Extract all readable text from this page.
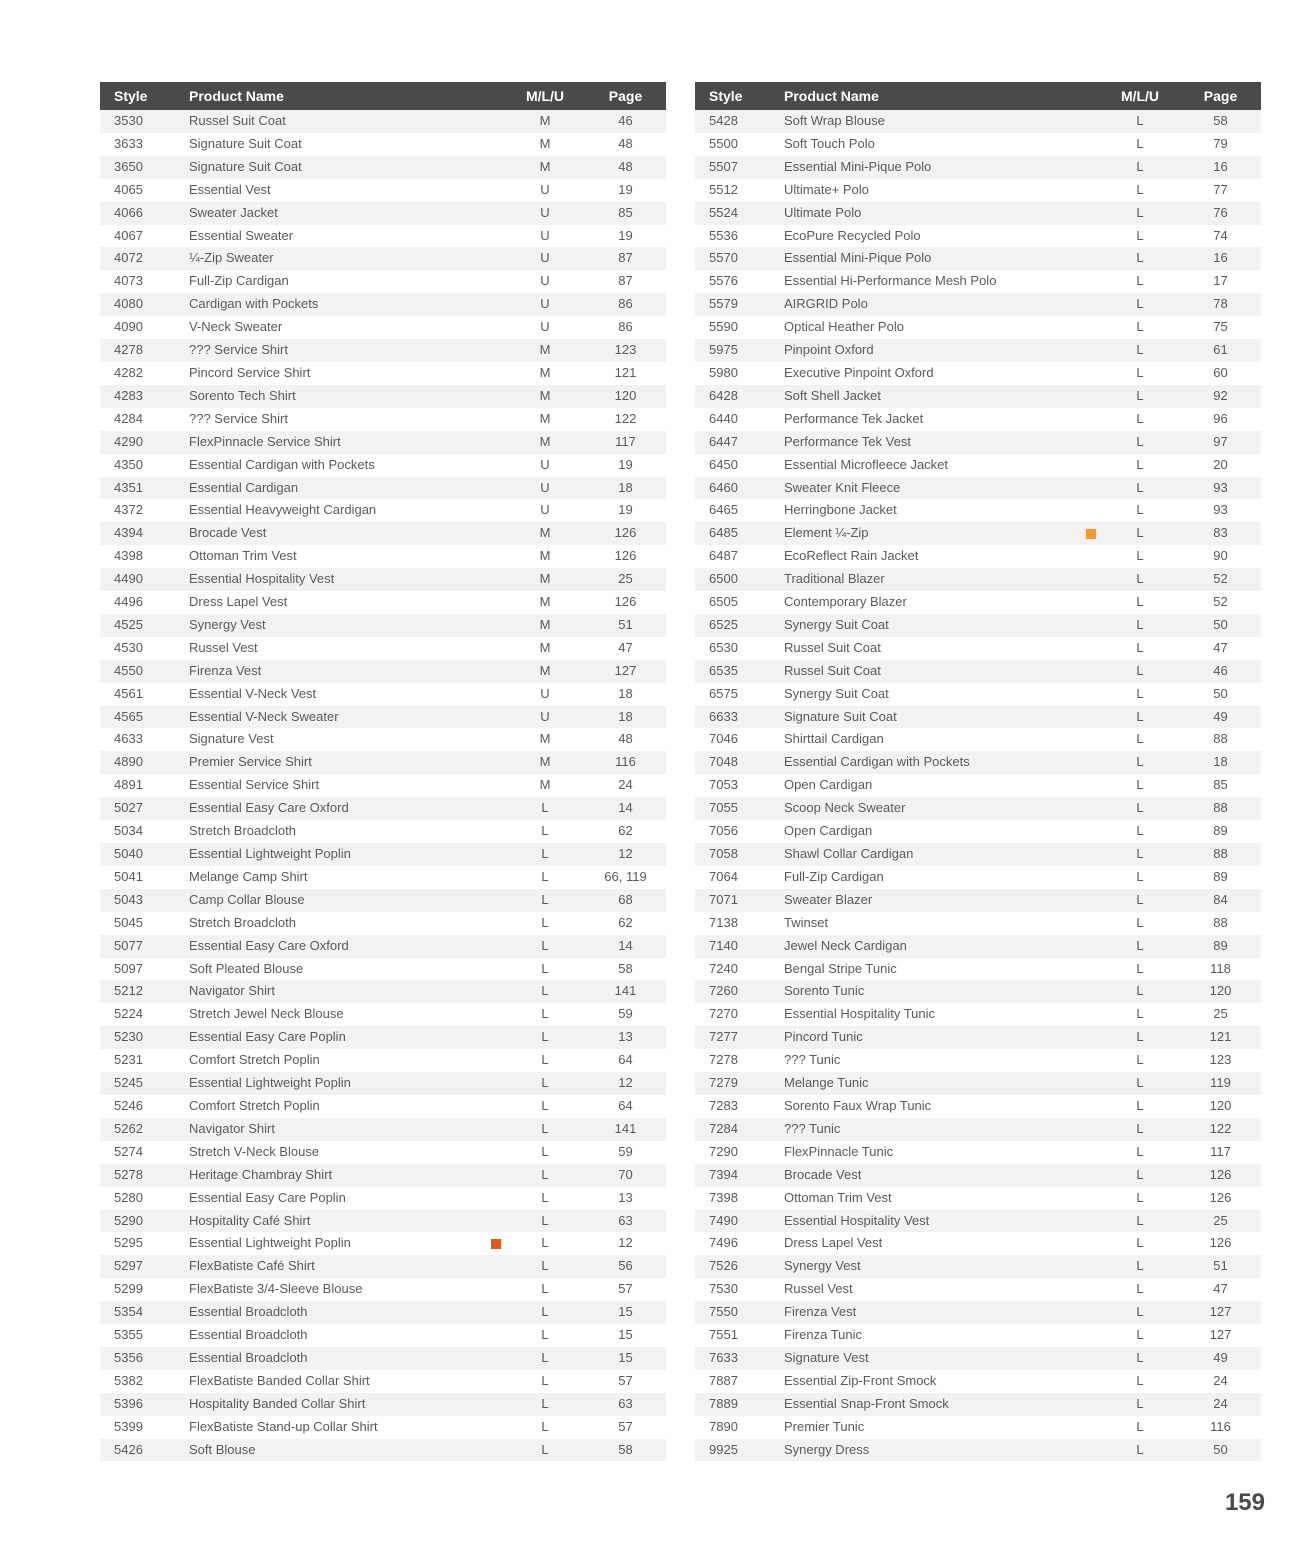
Style	Product Name		M/L/U	Page
3530	Russel Suit Coat		M	46
3633	Signature Suit Coat		M	48
3650	Signature Suit Coat		M	48
4065	Essential Vest		U	19
4066	Sweater Jacket		U	85
4067	Essential Sweater		U	19
4072	¼-Zip Sweater		U	87
4073	Full-Zip Cardigan		U	87
4080	Cardigan with Pockets		U	86
4090	V-Neck Sweater		U	86
4278	??? Service Shirt		M	123
4282	Pincord Service Shirt		M	121
4283	Sorento Tech Shirt		M	120
4284	??? Service Shirt		M	122
4290	FlexPinnacle Service Shirt		M	117
4350	Essential Cardigan with Pockets		U	19
4351	Essential Cardigan		U	18
4372	Essential Heavyweight Cardigan		U	19
4394	Brocade Vest		M	126
4398	Ottoman Trim Vest		M	126
4490	Essential Hospitality Vest		M	25
4496	Dress Lapel Vest		M	126
4525	Synergy Vest		M	51
4530	Russel Vest		M	47
4550	Firenza Vest		M	127
4561	Essential V-Neck Vest		U	18
4565	Essential V-Neck Sweater		U	18
4633	Signature Vest		M	48
4890	Premier Service Shirt		M	116
4891	Essential Service Shirt		M	24
5027	Essential Easy Care Oxford		L	14
5034	Stretch Broadcloth		L	62
5040	Essential Lightweight Poplin		L	12
5041	Melange Camp Shirt		L	66, 119
5043	Camp Collar Blouse		L	68
5045	Stretch Broadcloth		L	62
5077	Essential Easy Care Oxford		L	14
5097	Soft Pleated Blouse		L	58
5212	Navigator Shirt		L	141
5224	Stretch Jewel Neck Blouse		L	59
5230	Essential Easy Care Poplin		L	13
5231	Comfort Stretch Poplin		L	64
5245	Essential Lightweight Poplin		L	12
5246	Comfort Stretch Poplin		L	64
5262	Navigator Shirt		L	141
5274	Stretch V-Neck Blouse		L	59
5278	Heritage Chambray Shirt		L	70
5280	Essential Easy Care Poplin		L	13
5290	Hospitality Café Shirt		L	63
5295	Essential Lightweight Poplin		L	12
5297	FlexBatiste Café Shirt		L	56
5299	FlexBatiste 3/4-Sleeve Blouse		L	57
5354	Essential Broadcloth		L	15
5355	Essential Broadcloth		L	15
5356	Essential Broadcloth		L	15
5382	FlexBatiste Banded Collar Shirt		L	57
5396	Hospitality Banded Collar Shirt		L	63
5399	FlexBatiste Stand-up Collar Shirt		L	57
5426	Soft Blouse		L	58
Style	Product Name		M/L/U	Page
5428	Soft Wrap Blouse		L	58
5500	Soft Touch Polo		L	79
5507	Essential Mini-Pique Polo		L	16
5512	Ultimate+ Polo		L	77
5524	Ultimate Polo		L	76
5536	EcoPure Recycled Polo		L	74
5570	Essential Mini-Pique Polo		L	16
5576	Essential Hi-Performance Mesh Polo		L	17
5579	AIRGRID Polo		L	78
5590	Optical Heather Polo		L	75
5975	Pinpoint Oxford		L	61
5980	Executive Pinpoint Oxford		L	60
6428	Soft Shell Jacket		L	92
6440	Performance Tek Jacket		L	96
6447	Performance Tek Vest		L	97
6450	Essential Microfleece Jacket		L	20
6460	Sweater Knit Fleece		L	93
6465	Herringbone Jacket		L	93
6485	Element ¼-Zip		L	83
6487	EcoReflect Rain Jacket		L	90
6500	Traditional Blazer		L	52
6505	Contemporary Blazer		L	52
6525	Synergy Suit Coat		L	50
6530	Russel Suit Coat		L	47
6535	Russel Suit Coat		L	46
6575	Synergy Suit Coat		L	50
6633	Signature Suit Coat		L	49
7046	Shirttail Cardigan		L	88
7048	Essential Cardigan with Pockets		L	18
7053	Open Cardigan		L	85
7055	Scoop Neck Sweater		L	88
7056	Open Cardigan		L	89
7058	Shawl Collar Cardigan		L	88
7064	Full-Zip Cardigan		L	89
7071	Sweater Blazer		L	84
7138	Twinset		L	88
7140	Jewel Neck Cardigan		L	89
7240	Bengal Stripe Tunic		L	118
7260	Sorento Tunic		L	120
7270	Essential Hospitality Tunic		L	25
7277	Pincord Tunic		L	121
7278	??? Tunic		L	123
7279	Melange Tunic		L	119
7283	Sorento Faux Wrap Tunic		L	120
7284	??? Tunic		L	122
7290	FlexPinnacle Tunic		L	117
7394	Brocade Vest		L	126
7398	Ottoman Trim Vest		L	126
7490	Essential Hospitality Vest		L	25
7496	Dress Lapel Vest		L	126
7526	Synergy Vest		L	51
7530	Russel Vest		L	47
7550	Firenza Vest		L	127
7551	Firenza Tunic		L	127
7633	Signature Vest		L	49
7887	Essential Zip-Front Smock		L	24
7889	Essential Snap-Front Smock		L	24
7890	Premier Tunic		L	116
9925	Synergy Dress		L	50
159
